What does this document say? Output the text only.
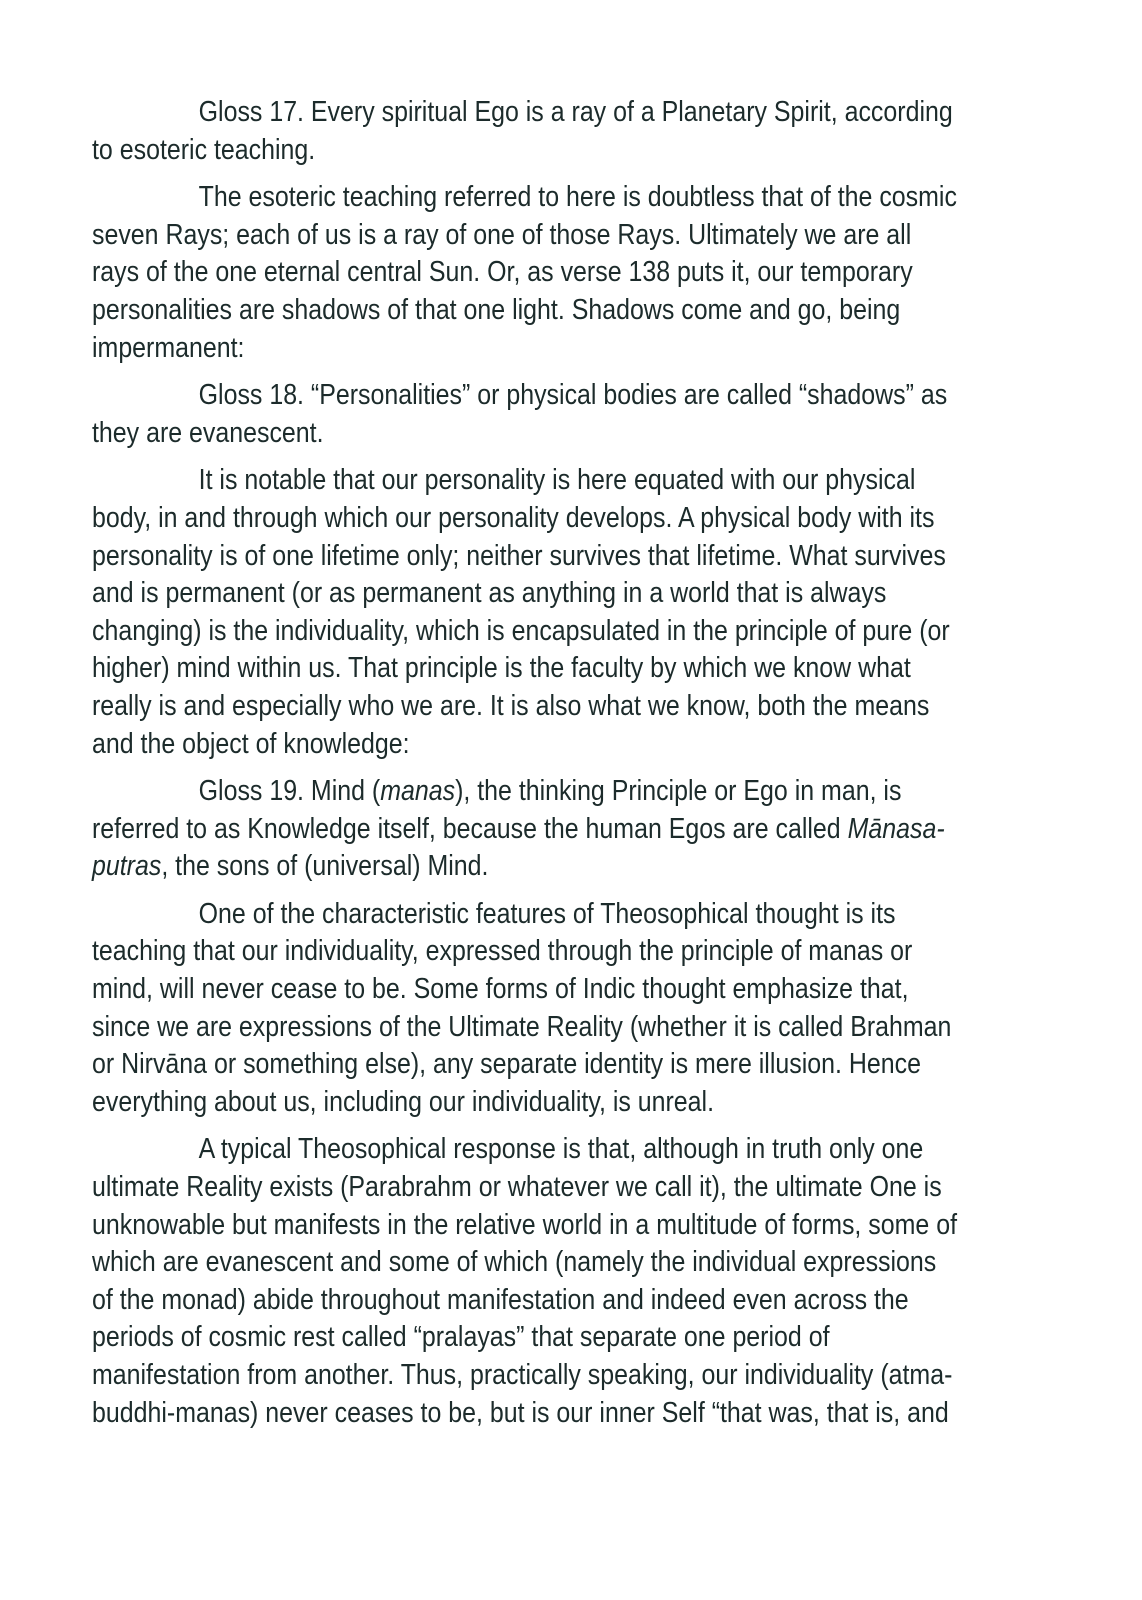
Gloss 17. Every spiritual Ego is a ray of a Planetary Spirit, according
to esoteric teaching.
The esoteric teaching referred to here is doubtless that of the cosmic
seven Rays; each of us is a ray of one of those Rays. Ultimately we are all
rays of the one eternal central Sun. Or, as verse 138 puts it, our temporary
personalities are shadows of that one light. Shadows come and go, being
impermanent:
Gloss 18. “Personalities” or physical bodies are called “shadows” as
they are evanescent.
It is notable that our personality is here equated with our physical
body, in and through which our personality develops. A physical body with its
personality is of one lifetime only; neither survives that lifetime. What survives
and is permanent (or as permanent as anything in a world that is always
changing) is the individuality, which is encapsulated in the principle of pure (or
higher) mind within us. That principle is the faculty by which we know what
really is and especially who we are. It is also what we know, both the means
and the object of knowledge:
Gloss 19. Mind (manas), the thinking Principle or Ego in man, is
referred to as Knowledge itself, because the human Egos are called Mānasa-
putras, the sons of (universal) Mind.
One of the characteristic features of Theosophical thought is its
teaching that our individuality, expressed through the principle of manas or
mind, will never cease to be. Some forms of Indic thought emphasize that,
since we are expressions of the Ultimate Reality (whether it is called Brahman
or Nirvāna or something else), any separate identity is mere illusion. Hence
everything about us, including our individuality, is unreal.
A typical Theosophical response is that, although in truth only one
ultimate Reality exists (Parabrahm or whatever we call it), the ultimate One is
unknowable but manifests in the relative world in a multitude of forms, some of
which are evanescent and some of which (namely the individual expressions
of the monad) abide throughout manifestation and indeed even across the
periods of cosmic rest called “pralayas” that separate one period of
manifestation from another. Thus, practically speaking, our individuality (atma-
buddhi-manas) never ceases to be, but is our inner Self “that was, that is, and
